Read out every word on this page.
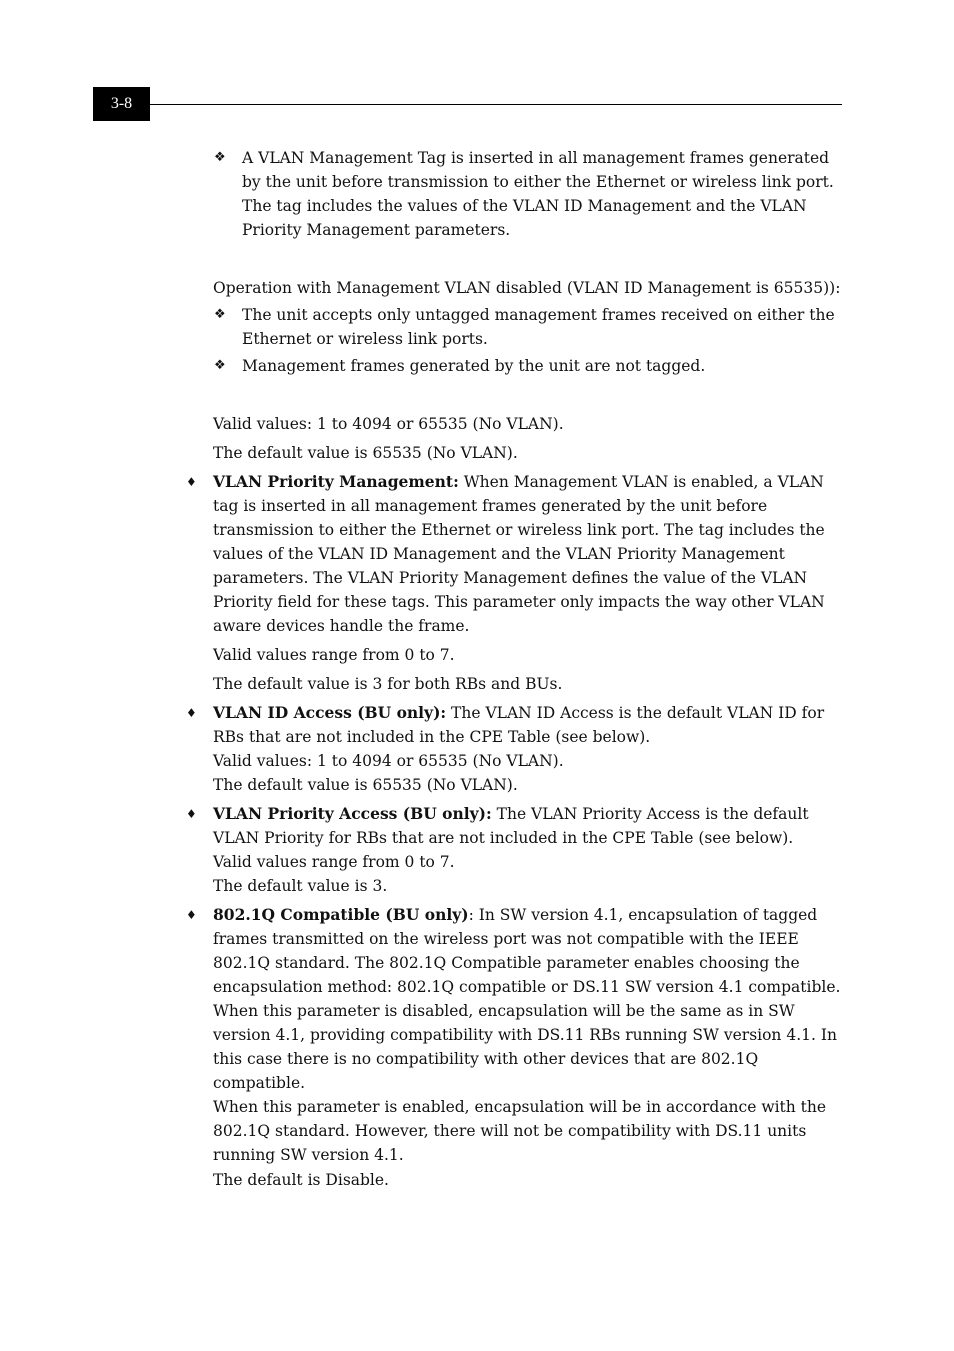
3-8
❖ A VLAN Management Tag is inserted in all management frames generated by the unit before transmission to either the Ethernet or wireless link port. The tag includes the values of the VLAN ID Management and the VLAN Priority Management parameters.

Operation with Management VLAN disabled (VLAN ID Management is 65535)):

❖ The unit accepts only untagged management frames received on either the Ethernet or wireless link ports.

❖ Management frames generated by the unit are not tagged.

Valid values: 1 to 4094 or 65535 (No VLAN).

The default value is 65535 (No VLAN).

♦ VLAN Priority Management: When Management VLAN is enabled, a VLAN tag is inserted in all management frames generated by the unit before transmission to either the Ethernet or wireless link port. The tag includes the values of the VLAN ID Management and the VLAN Priority Management parameters. The VLAN Priority Management defines the value of the VLAN Priority field for these tags. This parameter only impacts the way other VLAN aware devices handle the frame.

Valid values range from 0 to 7.

The default value is 3 for both RBs and BUs.

♦ VLAN ID Access (BU only): The VLAN ID Access is the default VLAN ID for RBs that are not included in the CPE Table (see below).
Valid values: 1 to 4094 or 65535 (No VLAN).
The default value is 65535 (No VLAN).
♦ VLAN Priority Access (BU only): The VLAN Priority Access is the default VLAN Priority for RBs that are not included in the CPE Table (see below).
Valid values range from 0 to 7.
The default value is 3.
♦ 802.1Q Compatible (BU only): In SW version 4.1, encapsulation of tagged frames transmitted on the wireless port was not compatible with the IEEE 802.1Q standard. The 802.1Q Compatible parameter enables choosing the encapsulation method: 802.1Q compatible or DS.11 SW version 4.1 compatible.
When this parameter is disabled, encapsulation will be the same as in SW version 4.1, providing compatibility with DS.11 RBs running SW version 4.1. In this case there is no compatibility with other devices that are 802.1Q compatible.
When this parameter is enabled, encapsulation will be in accordance with the 802.1Q standard. However, there will not be compatibility with DS.11 units running SW version 4.1.
The default is Disable.
